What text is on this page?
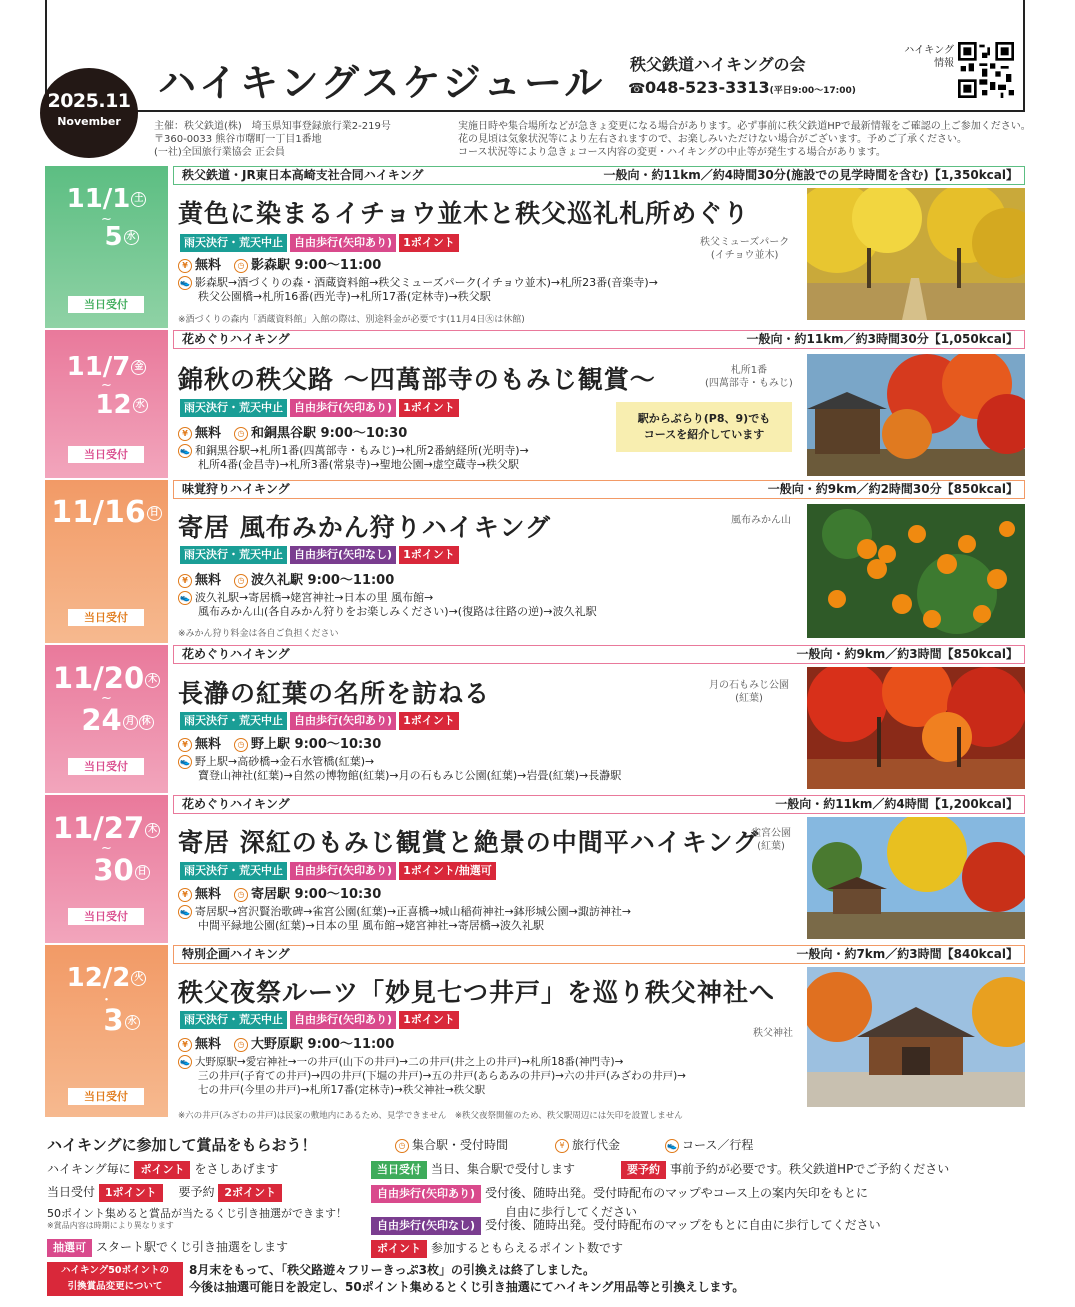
2025.11
November
ハイキングスケジュール 秩父鉄道ハイキングの会
☎048-523-3313(平日9:00〜17:00)
ハイキング
情報
主催：秩父鉄道(株)　埼玉県知事登録旅行業2-219号
〒360-0033 熊谷市曙町一丁目1番地
(一社)全国旅行業協会 正会員
実施日時や集合場所などが急きょ変更になる場合があります。必ず事前に秩父鉄道HPで最新情報をご確認の上ご参加ください。
花の見頃は気象状況等により左右されますので、お楽しみいただけない場合がございます。予めご了承ください。
コース状況等により急きょコース内容の変更・ハイキングの中止等が発生する場合があります。
11/1 土
~
5 水
当日受付
秩父鉄道・JR東日本高崎支社合同ハイキング	一般向・約11km／約4時間30分(施設での見学時間を含む)【1,350kcal】
黄色に染まるイチョウ並木と秩父巡礼札所めぐり
雨天決行・荒天中止 自由歩行(矢印あり) 1ポイント
¥ 無料　 ◷ 影森駅 9:00〜11:00
👟 影森駅→酒づくりの森・酒蔵資料館→秩父ミューズパーク(イチョウ並木)→札所23番(音楽寺)→
秩父公園橋→札所16番(西光寺)→札所17番(定林寺)→秩父駅
※酒づくりの森内「酒蔵資料館」入館の際は、別途料金が必要です(11月4日㊋は休館)
秩父ミューズパーク
(イチョウ並木)
11/7 金
~
12 水
当日受付
花めぐりハイキング	一般向・約11km／約3時間30分【1,050kcal】
錦秋の秩父路 〜四萬部寺のもみじ観賞〜
雨天決行・荒天中止 自由歩行(矢印あり) 1ポイント
¥ 無料　 ◷ 和銅黒谷駅 9:00〜10:30
👟 和銅黒谷駅→札所1番(四萬部寺・もみじ)→札所2番納経所(光明寺)→
札所4番(金昌寺)→札所3番(常泉寺)→聖地公園→虚空蔵寺→秩父駅
駅からぶらり(P8、9)でも
コースを紹介しています
札所1番
(四萬部寺・もみじ)
11/16 日
当日受付
味覚狩りハイキング	一般向・約9km／約2時間30分【850kcal】
寄居 風布みかん狩りハイキング
雨天決行・荒天中止 自由歩行(矢印なし) 1ポイント
¥ 無料　 ◷ 波久礼駅 9:00〜11:00
👟 波久礼駅→寄居橋→姥宮神社→日本の里 風布館→
風布みかん山(各自みかん狩りをお楽しみください)→(復路は往路の逆)→波久礼駅
※みかん狩り料金は各自ご負担ください
風布みかん山
11/20 木
~
24 月 休
当日受付
花めぐりハイキング	一般向・約9km／約3時間【850kcal】
長瀞の紅葉の名所を訪ねる
雨天決行・荒天中止 自由歩行(矢印あり) 1ポイント
¥ 無料　 ◷ 野上駅 9:00〜10:30
👟 野上駅→高砂橋→金石水管橋(紅葉)→
寶登山神社(紅葉)→自然の博物館(紅葉)→月の石もみじ公園(紅葉)→岩畳(紅葉)→長瀞駅
月の石もみじ公園
(紅葉)
11/27 木
~
30 日
当日受付
花めぐりハイキング	一般向・約11km／約4時間【1,200kcal】
寄居 深紅のもみじ観賞と絶景の中間平ハイキング
雨天決行・荒天中止 自由歩行(矢印あり) 1ポイント/抽選可
¥ 無料　 ◷ 寄居駅 9:00〜10:30
👟 寄居駅→宮沢賢治歌碑→雀宮公園(紅葉)→正喜橋→城山稲荷神社→鉢形城公園→諏訪神社→
中間平緑地公園(紅葉)→日本の里 風布館→姥宮神社→寄居橋→波久礼駅
雀宮公園
(紅葉)
12/2 火
・
3 水
当日受付
特別企画ハイキング	一般向・約7km／約3時間【840kcal】
秩父夜祭ルーツ「妙見七つ井戸」を巡り秩父神社へ
雨天決行・荒天中止 自由歩行(矢印あり) 1ポイント
¥ 無料　 ◷ 大野原駅 9:00〜11:00
👟 大野原駅→愛宕神社→一の井戸(山下の井戸)→二の井戸(井之上の井戸)→札所18番(神門寺)→
三の井戸(子育ての井戸)→四の井戸(下堀の井戸)→五の井戸(あらあみの井戸)→六の井戸(みざわの井戸)→
七の井戸(今里の井戸)→札所17番(定林寺)→秩父神社→秩父駅
※六の井戸(みざわの井戸)は民家の敷地内にあるため、見学できません　※秩父夜祭開催のため、秩父駅周辺には矢印を設置しません
秩父神社
ハイキングに参加して賞品をもらおう！	◷ 集合駅・受付時間	¥ 旅行代金	👟 コース／行程
ハイキング毎に ポイント をさしあげます
当日受付 1ポイント　 要予約 2ポイント
50ポイント集めると賞品が当たるくじ引き抽選ができます！
※賞品内容は時期により異なります
抽選可 スタート駅でくじ引き抽選をします
当日受付 当日、集合駅で受付します	要予約 事前予約が必要です。秩父鉄道HPでご予約ください
自由歩行(矢印あり) 受付後、随時出発。受付時配布のマップやコース上の案内矢印をもとに
自由に歩行してください
自由歩行(矢印なし) 受付後、随時出発。受付時配布のマップをもとに自由に歩行してください
ポイント 参加するともらえるポイント数です
ハイキング50ポイントの
引換賞品変更について
8月末をもって、「秩父路遊々フリーきっぷ3枚」の引換えは終了しました。
今後は抽選可能日を設定し、50ポイント集めるとくじ引き抽選にてハイキング用品等と引換えします。
